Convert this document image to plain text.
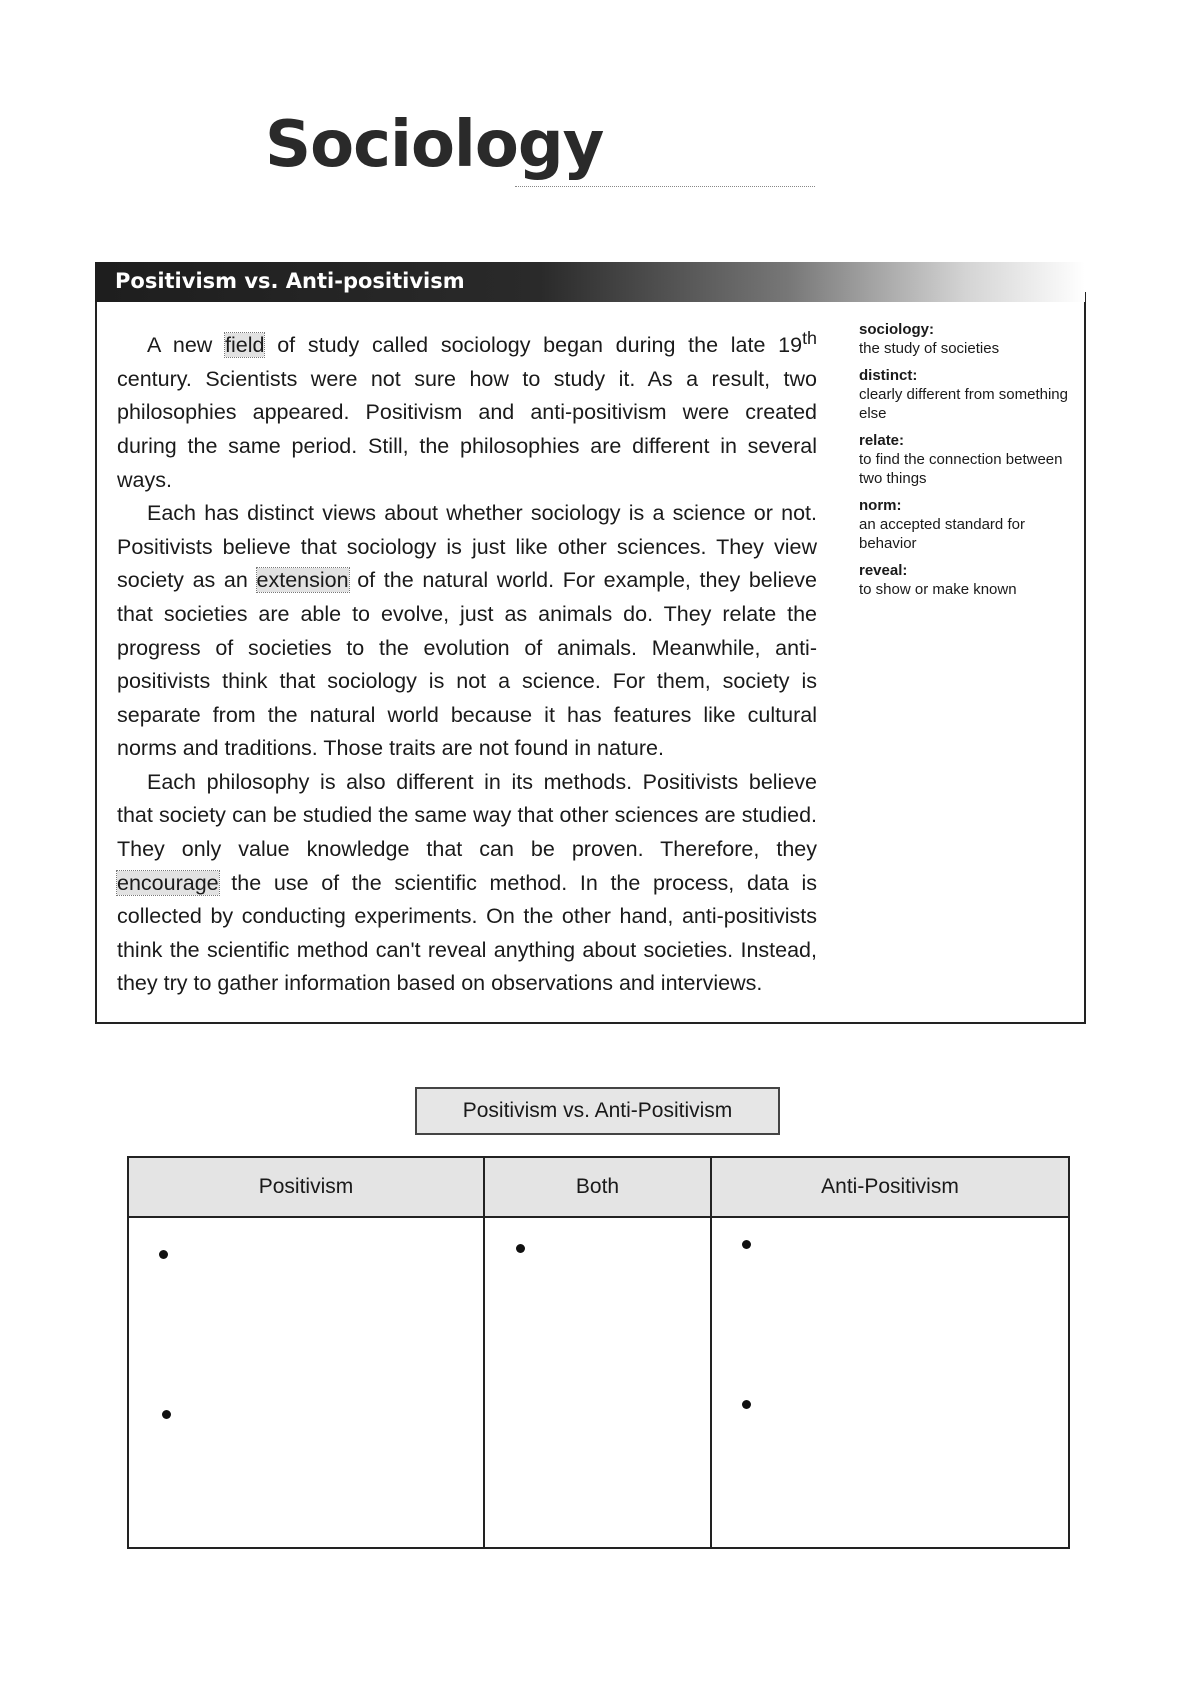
Sociology

A new field of study called sociology began during the late 19th century. Scientists were not sure how to study it. As a result, two philosophies appeared. Positivism and anti-positivism were created during the same period. Still, the philosophies are different in several ways.

Each has distinct views about whether sociology is a science or not. Positivists believe that sociology is just like other sciences. They view society as an extension of the natural world. For example, they believe that societies are able to evolve, just as animals do. They relate the progress of societies to the evolution of animals. Meanwhile, anti-positivists think that sociology is not a science. For them, society is separate from the natural world because it has features like cultural norms and traditions. Those traits are not found in nature.

Each philosophy is also different in its methods. Positivists believe that society can be studied the same way that other sciences are studied. They only value knowledge that can be proven. Therefore, they encourage the use of the scientific method. In the process, data is collected by conducting experiments. On the other hand, anti-positivists think the scientific method can't reveal anything about societies. Instead, they try to gather information based on observations and interviews.

sociology:
the study of societies
distinct:
clearly different from something else
relate:
to find the connection between two things
norm:
an accepted standard for behavior
reveal:
to show or make known
Positivism vs. Anti-positivism
Positivism vs. Anti-Positivism
Positivism	Both	Anti-Positivism
